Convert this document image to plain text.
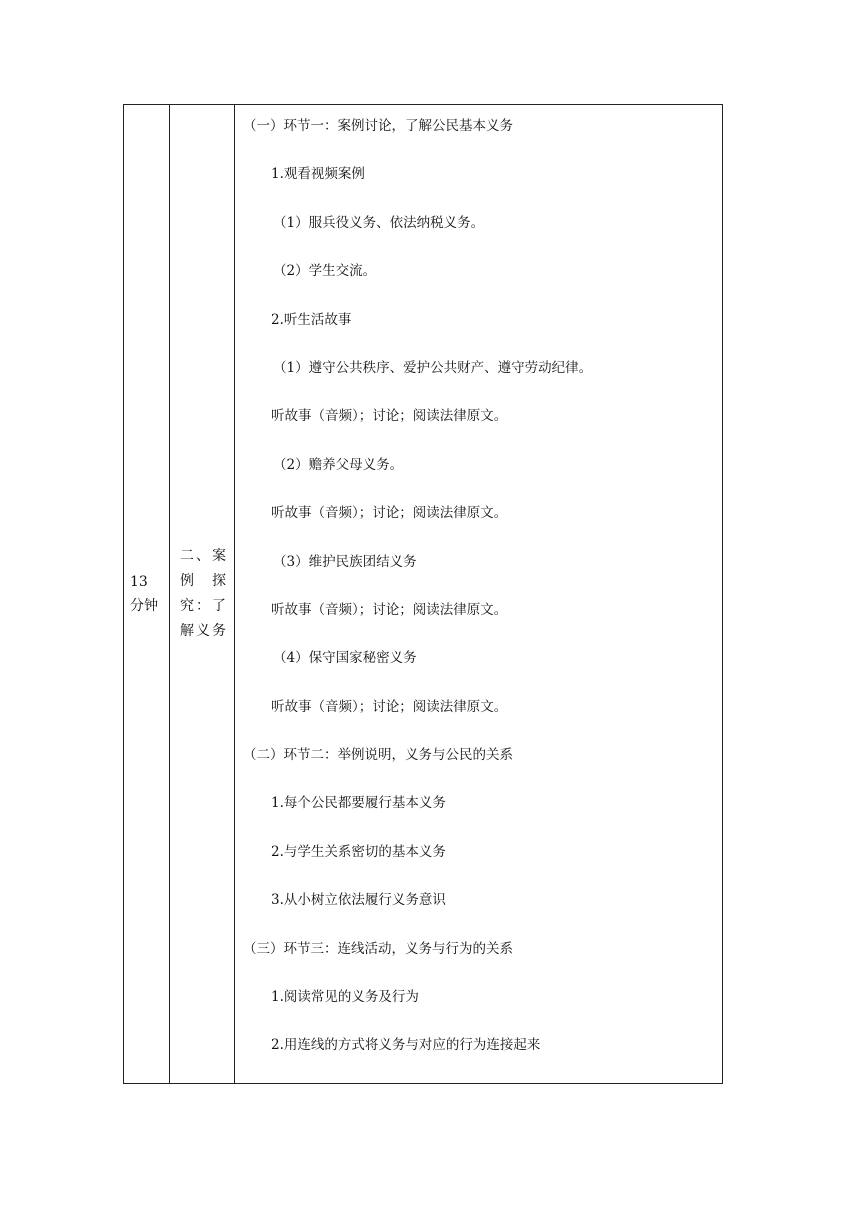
13
分钟

二、案
例　探
究：了
解义务

（一）环节一：案例讨论，了解公民基本义务
1.观看视频案例
（1）服兵役义务、依法纳税义务。
（2）学生交流。
2.听生活故事
（1）遵守公共秩序、爱护公共财产、遵守劳动纪律。
听故事（音频）；讨论；阅读法律原文。
（2）赡养父母义务。
听故事（音频）；讨论；阅读法律原文。
（3）维护民族团结义务
听故事（音频）；讨论；阅读法律原文。
（4）保守国家秘密义务
听故事（音频）；讨论；阅读法律原文。
（二）环节二：举例说明，义务与公民的关系
1.每个公民都要履行基本义务
2.与学生关系密切的基本义务
3.从小树立依法履行义务意识
（三）环节三：连线活动，义务与行为的关系
1.阅读常见的义务及行为
2.用连线的方式将义务与对应的行为连接起来
